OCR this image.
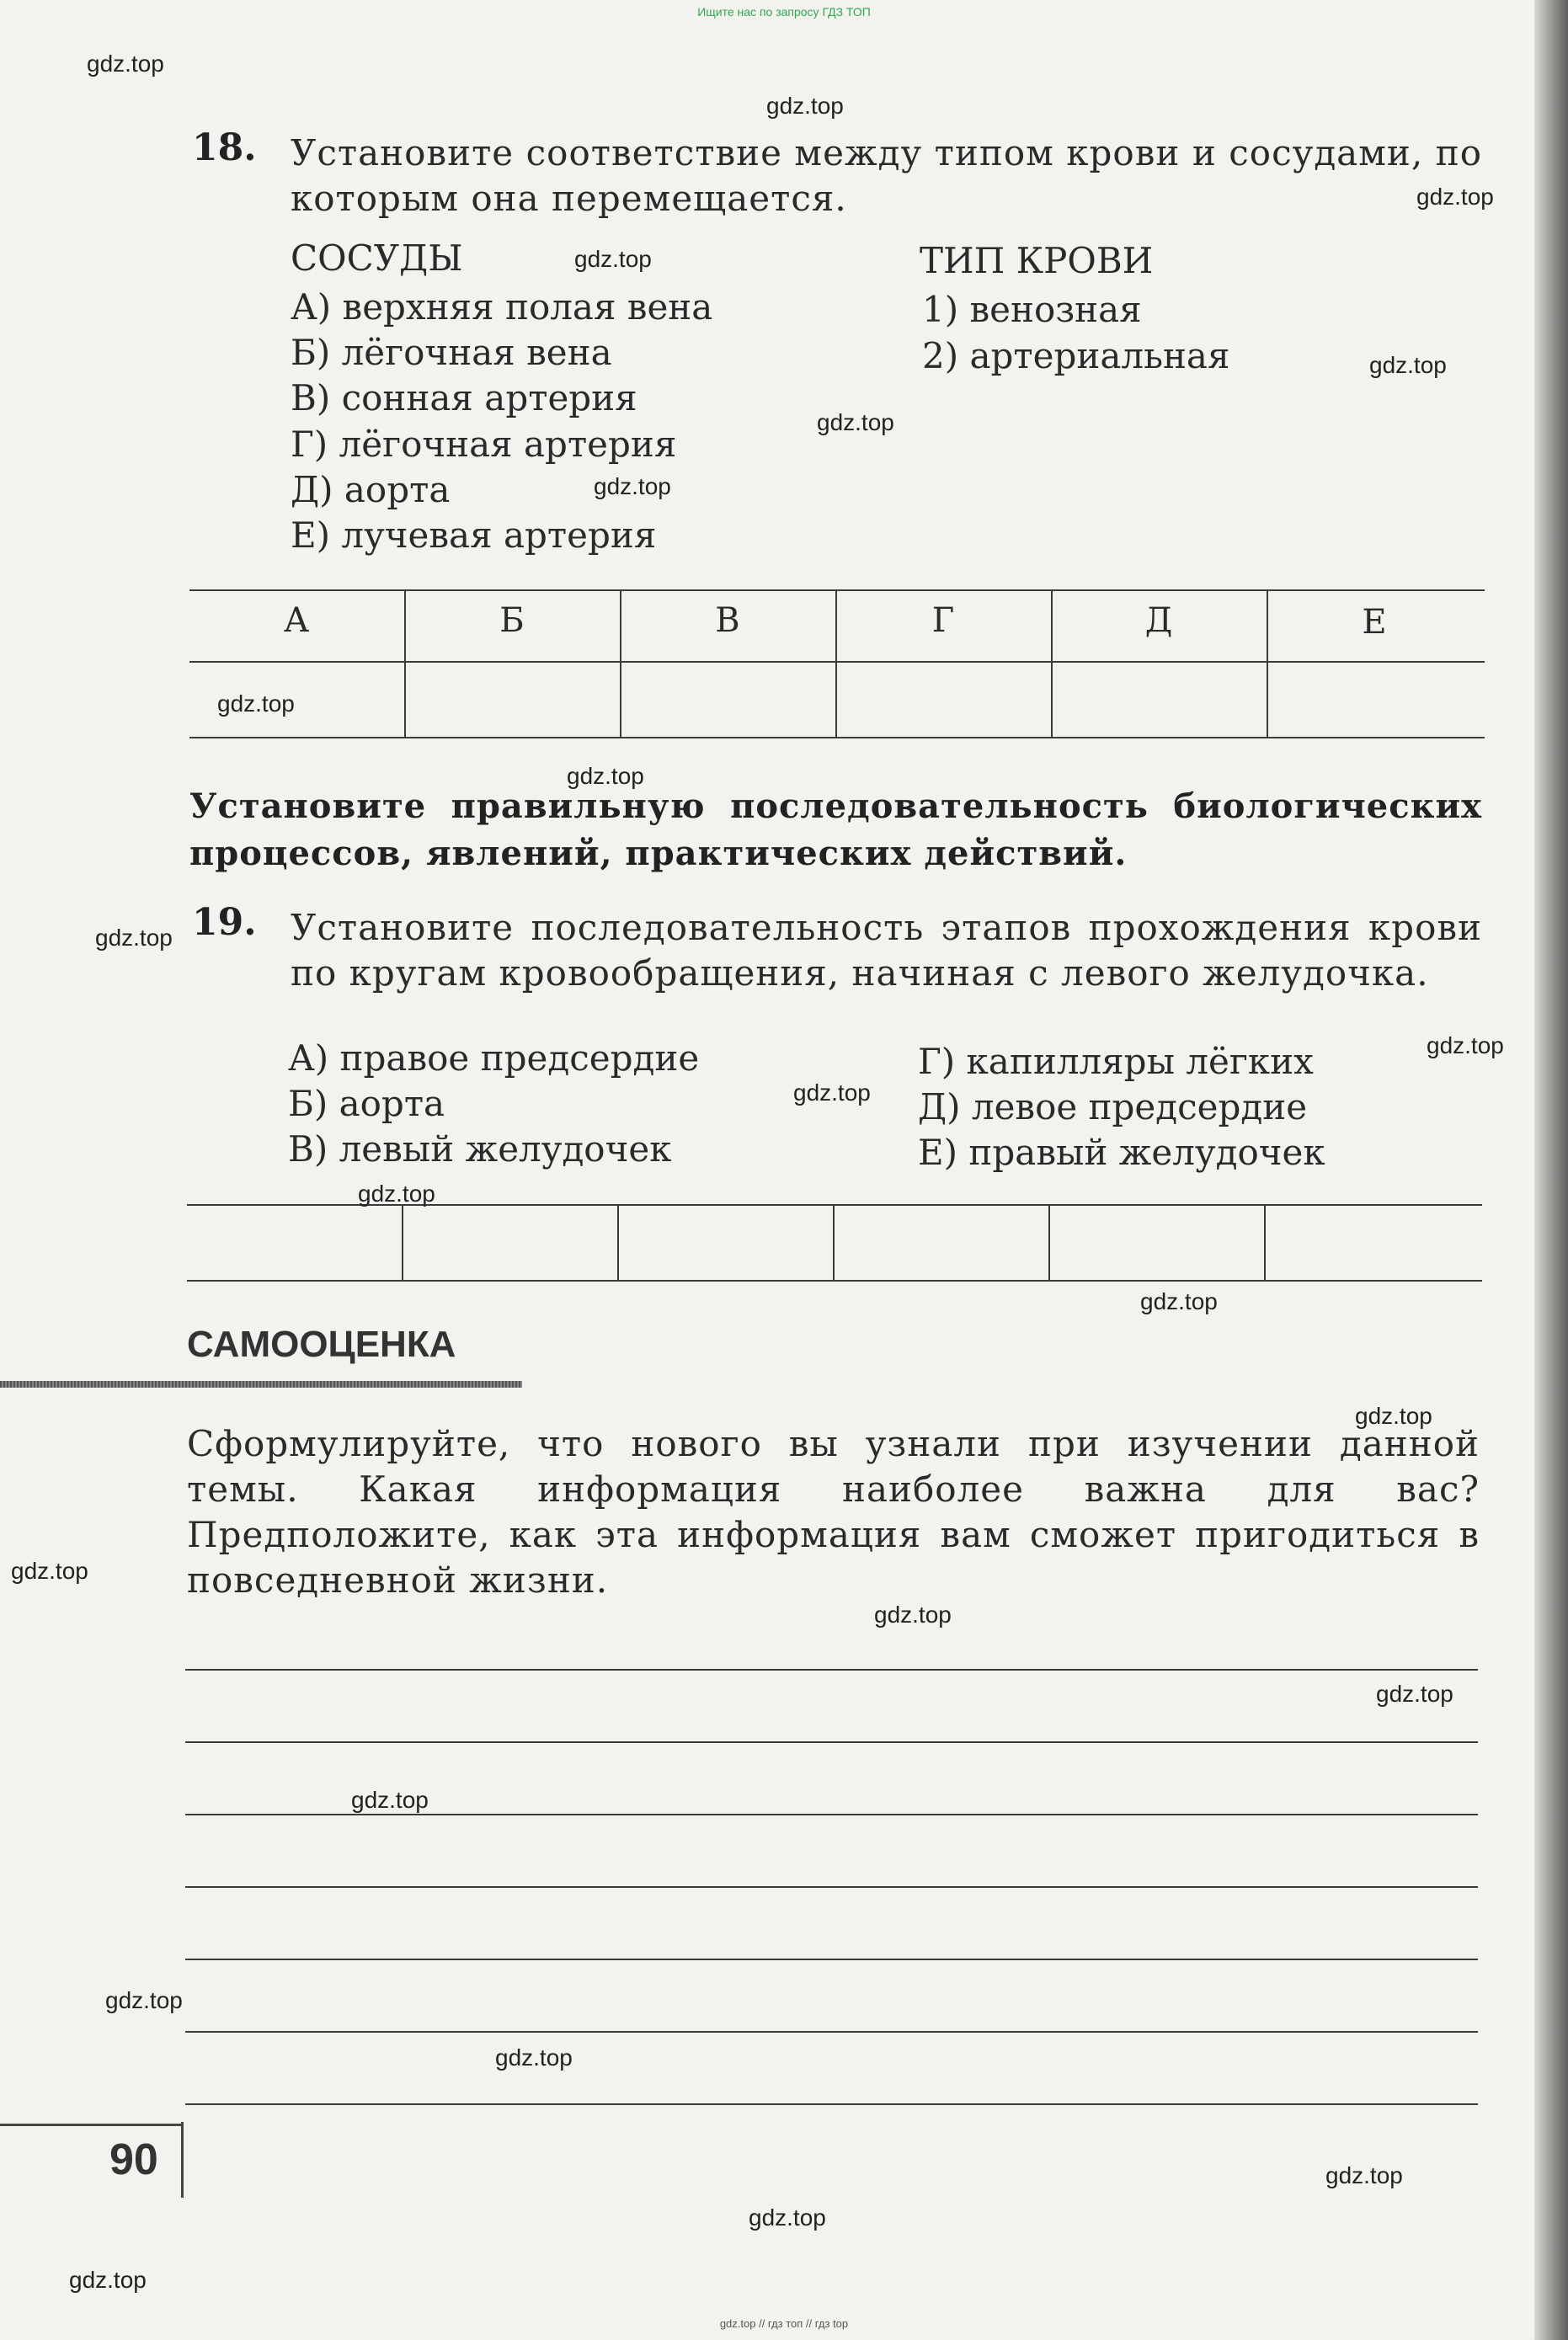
Ищите нас по запросу ГДЗ ТОП
18. Установите соответствие между типом крови и сосудами, по которым она перемещается.
СОСУДЫ	ТИП КРОВИ
А) верхняя полая вена
Б) лёгочная вена
В) сонная артерия
Г) лёгочная артерия
Д) аорта
Е) лучевая артерия
1) венозная
2) артериальная
А	Б	В	Г	Д	Е
Установите правильную последовательность биологических процессов, явлений, практических действий.
19. Установите последовательность этапов прохождения крови по кругам кровообращения, начиная с левого желудочка.
А) правое предсердие
Б) аорта
В) левый желудочек
Г) капилляры лёгких
Д) левое предсердие
Е) правый желудочек
САМООЦЕНКА
Сформулируйте, что нового вы узнали при изучении данной темы. Какая информация наиболее важна для вас? Предположите, как эта информация вам сможет пригодиться в повседневной жизни.
90
gdz.top
gdz.top
gdz.top
gdz.top
gdz.top
gdz.top
gdz.top
gdz.top
gdz.top
gdz.top
gdz.top
gdz.top
gdz.top
gdz.top
gdz.top
gdz.top
gdz.top
gdz.top
gdz.top
gdz.top
gdz.top
gdz.top
gdz.top
gdz.top
gdz.top // гдз топ // гдз top
